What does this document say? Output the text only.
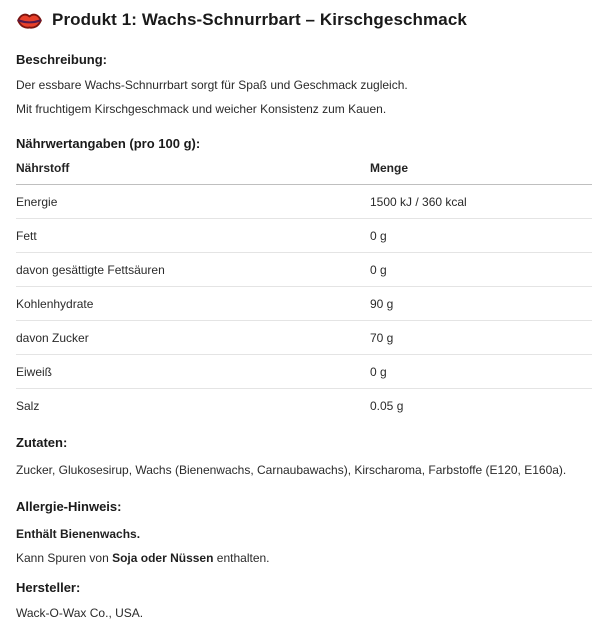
Produkt 1: Wachs-Schnurrbart – Kirschgeschmack
Beschreibung:
Der essbare Wachs-Schnurrbart sorgt für Spaß und Geschmack zugleich.
Mit fruchtigem Kirschgeschmack und weicher Konsistenz zum Kauen.
Nährwertangaben (pro 100 g):
Nährstoff	Menge
Energie	1500 kJ / 360 kcal
Fett	0 g
davon gesättigte Fettsäuren	0 g
Kohlenhydrate	90 g
davon Zucker	70 g
Eiweiß	0 g
Salz	0.05 g
Zutaten:
Zucker, Glukosesirup, Wachs (Bienenwachs, Carnaubawachs), Kirscharoma, Farbstoffe (E120, E160a).
Allergie-Hinweis:
Enthält Bienenwachs.
Kann Spuren von Soja oder Nüssen enthalten.
Hersteller:
Wack-O-Wax Co., USA.
